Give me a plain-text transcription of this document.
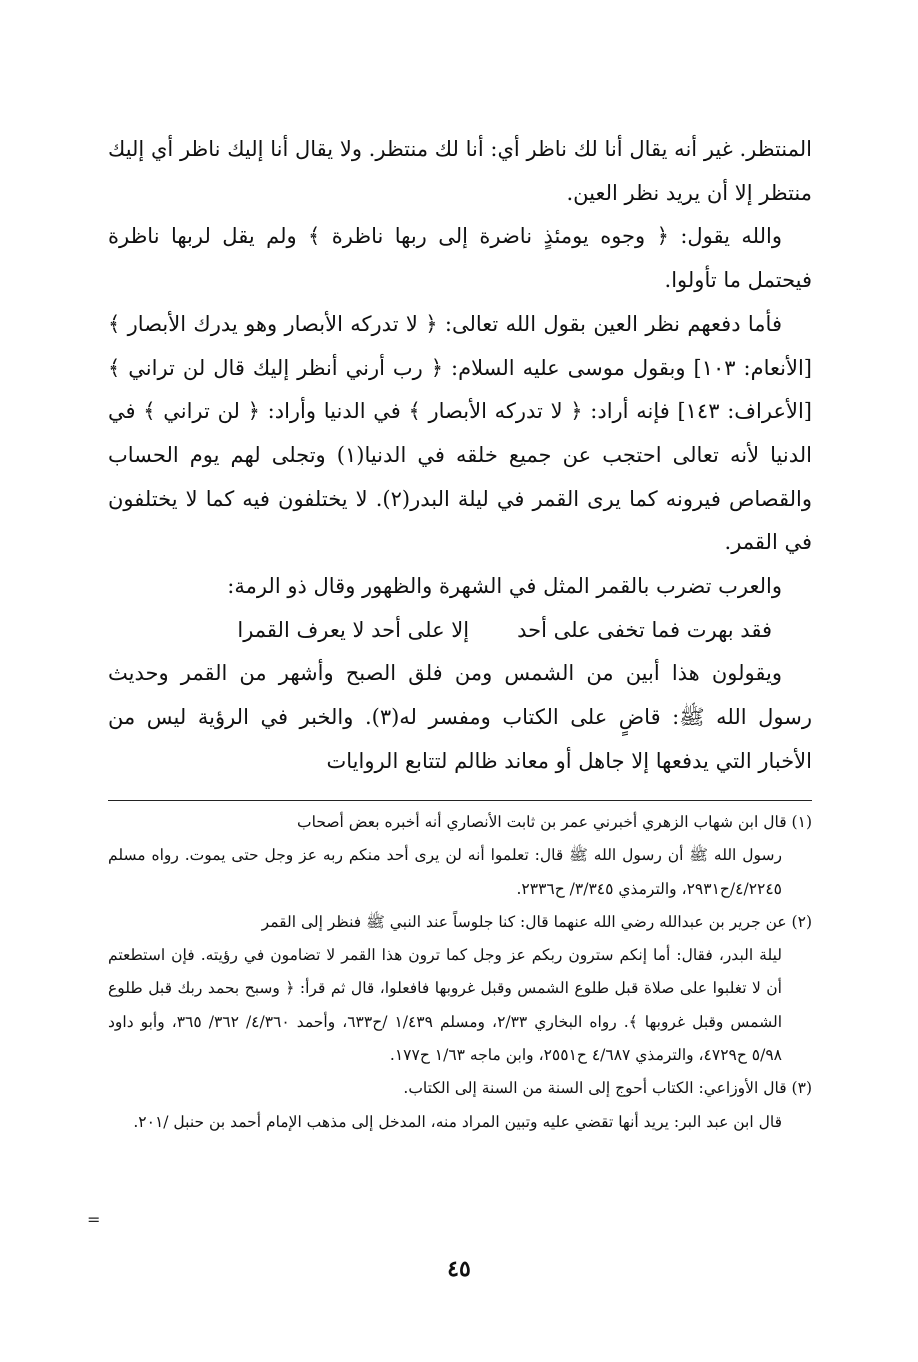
المنتظر. غير أنه يقال أنا لك ناظر أي: أنا لك منتظر. ولا يقال أنا إليك ناظر أي إليك منتظر إلا أن يريد نظر العين.

والله يقول: ﴿ وجوه يومئذٍ ناضرة إلى ربها ناظرة ﴾ ولم يقل لربها ناظرة فيحتمل ما تأولوا.

فأما دفعهم نظر العين بقول الله تعالى: ﴿ لا تدركه الأبصار وهو يدرك الأبصار ﴾ [الأنعام: ١٠٣] وبقول موسى عليه السلام: ﴿ رب أرني أنظر إليك قال لن تراني ﴾ [الأعراف: ١٤٣] فإنه أراد: ﴿ لا تدركه الأبصار ﴾ في الدنيا وأراد: ﴿ لن تراني ﴾ في الدنيا لأنه تعالى احتجب عن جميع خلقه في الدنيا(١) وتجلى لهم يوم الحساب والقصاص فيرونه كما يرى القمر في ليلة البدر(٢). لا يختلفون فيه كما لا يختلفون في القمر.

والعرب تضرب بالقمر المثل في الشهرة والظهور وقال ذو الرمة:

فقد بهرت فما تخفى على أحدإلا على أحد لا يعرف القمرا

ويقولون هذا أبين من الشمس ومن فلق الصبح وأشهر من القمر وحديث رسول الله ﷺ: قاضٍ على الكتاب ومفسر له(٣). والخبر في الرؤية ليس من الأخبار التي يدفعها إلا جاهل أو معاند ظالم لتتابع الروايات

(١) قال ابن شهاب الزهري أخبرني عمر بن ثابت الأنصاري أنه أخبره بعض أصحاب

رسول الله ﷺ أن رسول الله ﷺ قال: تعلموا أنه لن يرى أحد منكم ربه عز وجل حتى يموت. رواه مسلم ٤/٢٢٤٥/ح٢٩٣١، والترمذي ٣/٣٤٥/ ح٢٣٣٦.

(٢) عن جرير بن عبدالله رضي الله عنهما قال: كنا جلوساً عند النبي ﷺ فنظر إلى القمر

ليلة البدر، فقال: أما إنكم سترون ربكم عز وجل كما ترون هذا القمر لا تضامون في رؤيته. فإن استطعتم أن لا تغلبوا على صلاة قبل طلوع الشمس وقبل غروبها فافعلوا، قال ثم قرأ: ﴿ وسبح بحمد ربك قبل طلوع الشمس وقبل غروبها ﴾. رواه البخاري ٢/٣٣، ومسلم ١/٤٣٩ /ح٦٣٣، وأحمد ٤/٣٦٠/ ٣٦٢/ ٣٦٥، وأبو داود ٥/٩٨ ح٤٧٢٩، والترمذي ٤/٦٨٧ ح٢٥٥١، وابن ماجه ١/٦٣ ح١٧٧.

(٣) قال الأوزاعي: الكتاب أحوج إلى السنة من السنة إلى الكتاب.

قال ابن عبد البر: يريد أنها تقضي عليه وتبين المراد منه، المدخل إلى مذهب الإمام أحمد بن حنبل /٢٠١.

=
٤٥
